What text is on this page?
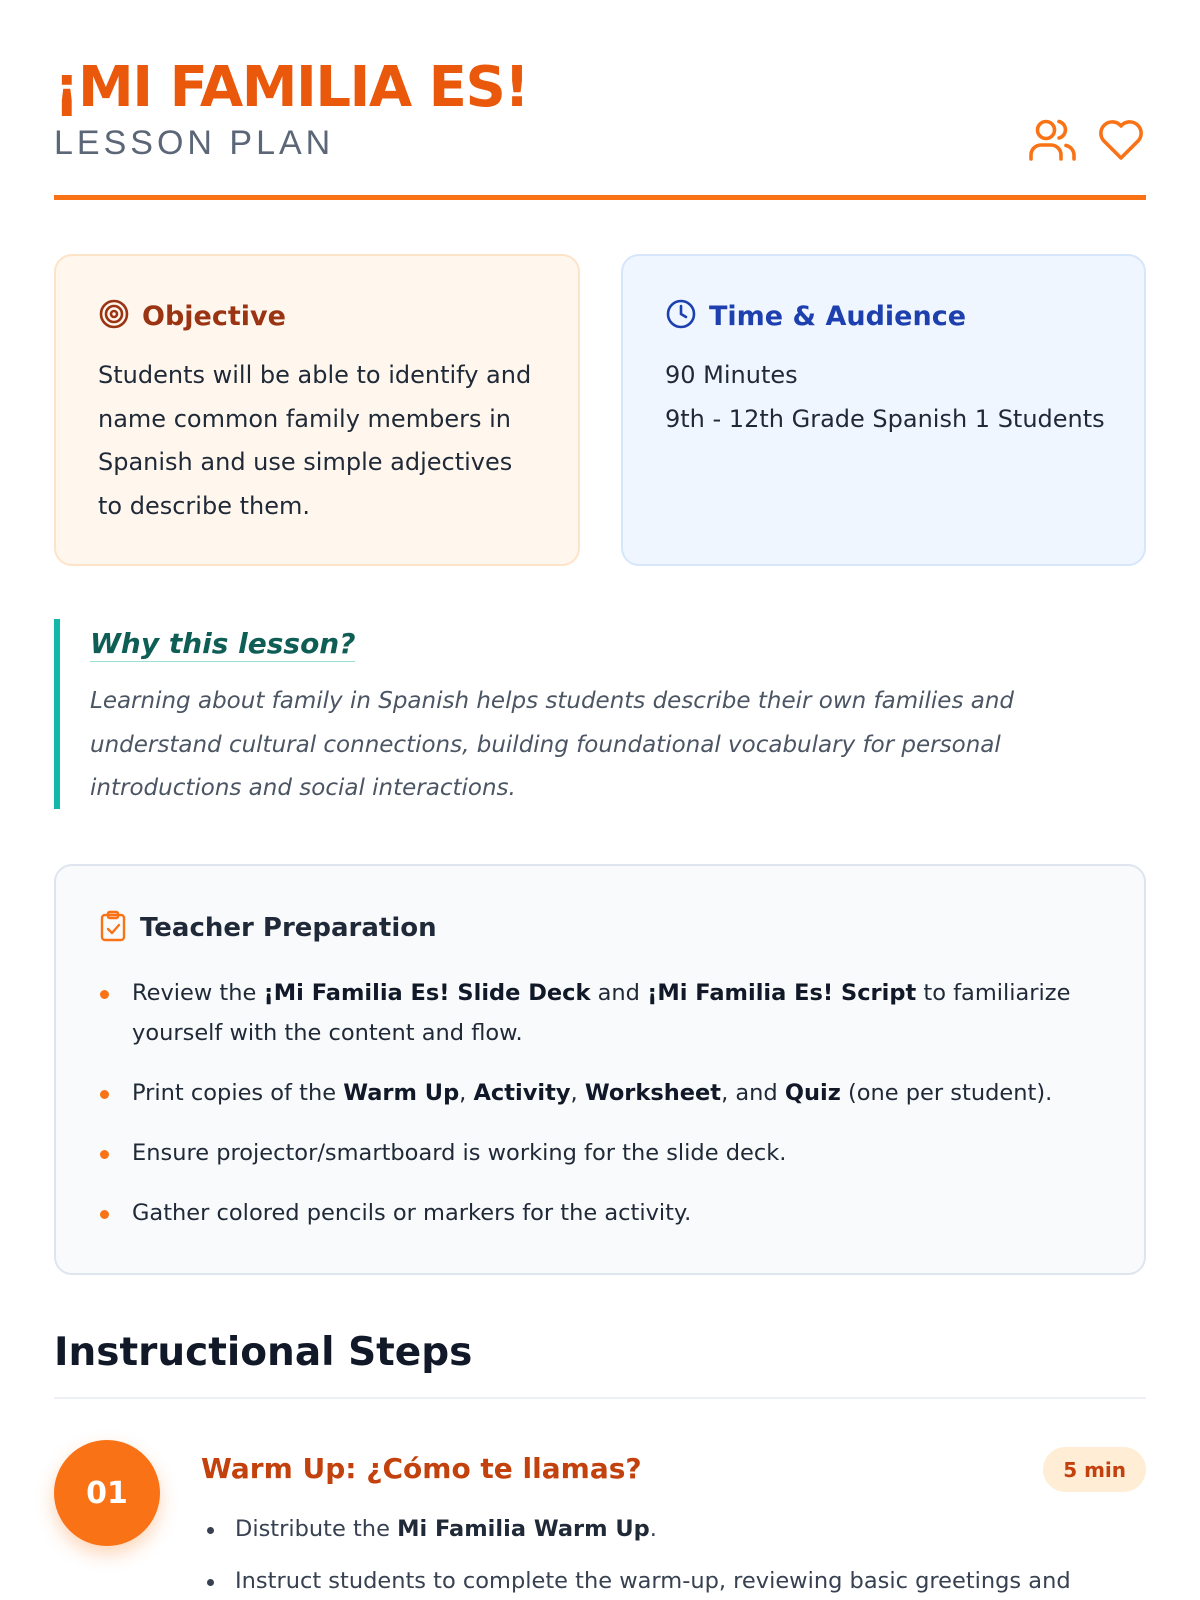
¡MI FAMILIA ES!
LESSON PLAN
Objective
Students will be able to identify and name common family members in Spanish and use simple adjectives to describe them.
Time & Audience
90 Minutes
9th - 12th Grade Spanish 1 Students
Why this lesson?
Learning about family in Spanish helps students describe their own families and understand cultural connections, building foundational vocabulary for personal introductions and social interactions.
Teacher Preparation
Review the ¡Mi Familia Es! Slide Deck and ¡Mi Familia Es! Script to familiarize yourself with the content and flow.
Print copies of the Warm Up, Activity, Worksheet, and Quiz (one per student).
Ensure projector/smartboard is working for the slide deck.
Gather colored pencils or markers for the activity.
Instructional Steps
01
Warm Up: ¿Cómo te llamas?	5 min
Distribute the Mi Familia Warm Up.
Instruct students to complete the warm-up, reviewing basic greetings and
